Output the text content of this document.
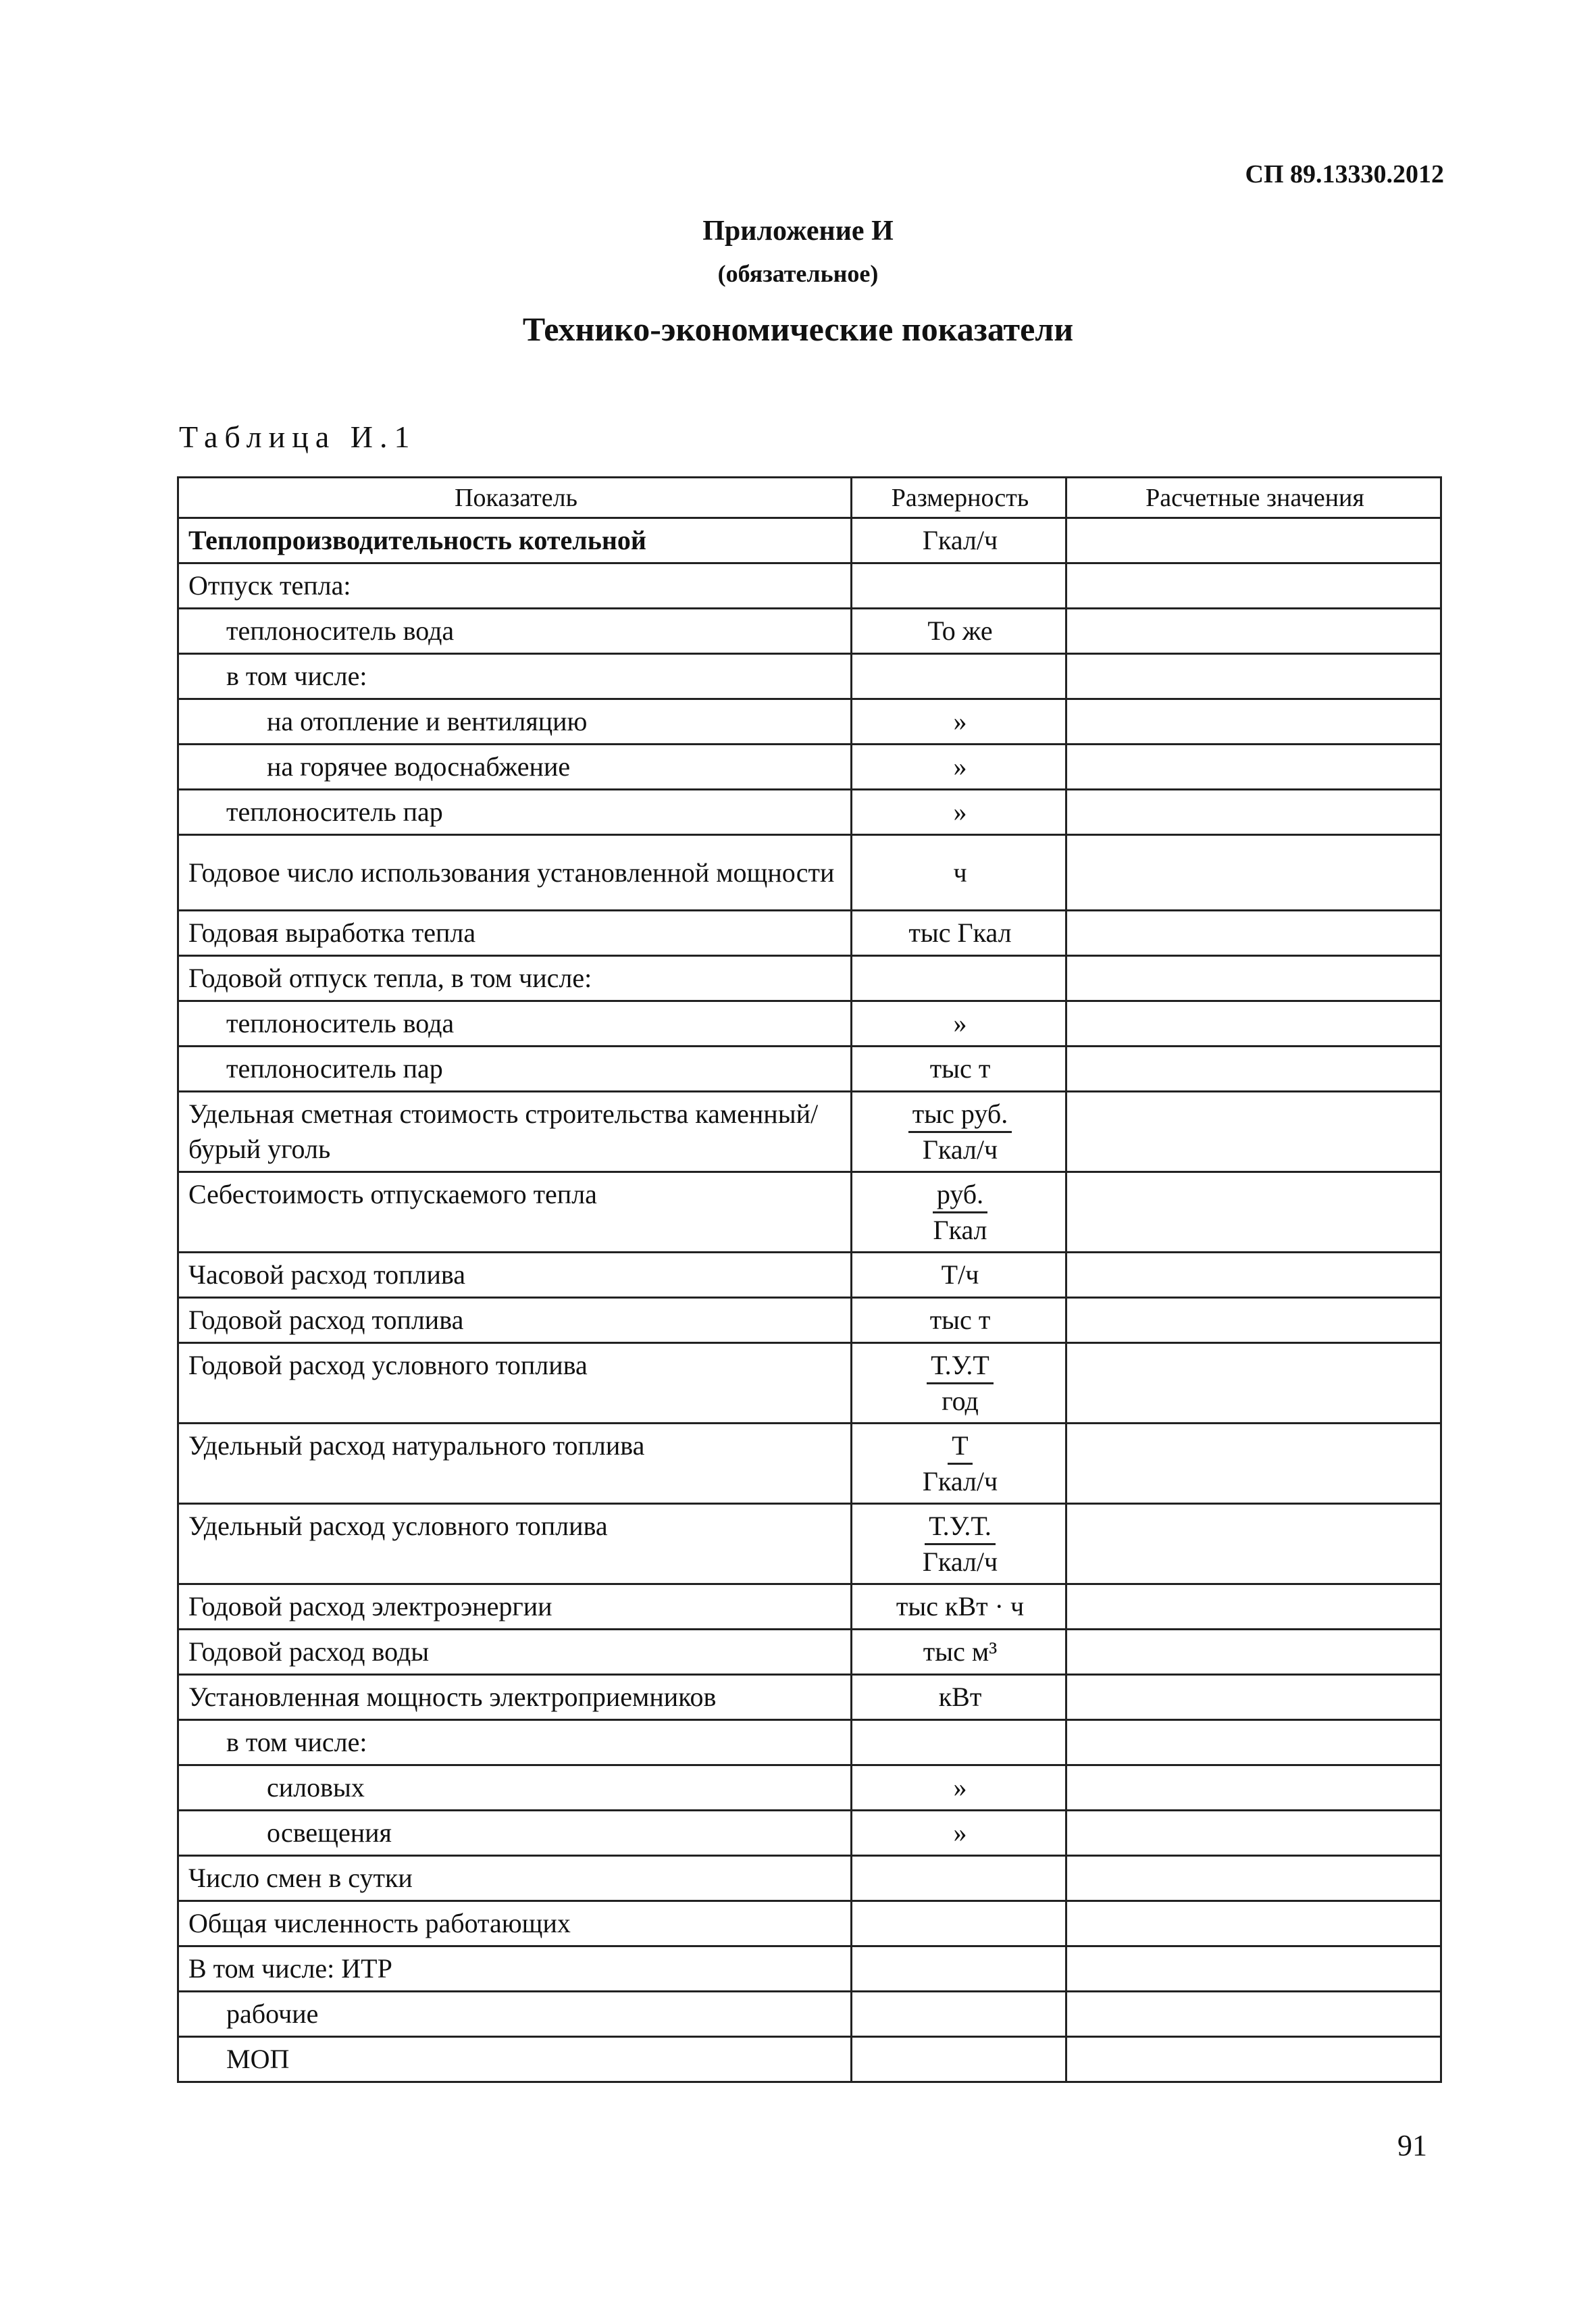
СП 89.13330.2012
Приложение И
(обязательное)
Технико-экономические показатели
Таблица И.1
Показатель	Размерность	Расчетные значения
Теплопроизводительность котельной	Гкал/ч	
Отпуск тепла:		
теплоноситель вода	То же	
в том числе:		
на отопление и вентиляцию	»	
на горячее водоснабжение	»	
теплоноситель пар	»	
Годовое число использования установленной мощности	ч	
Годовая выработка тепла	тыс Гкал	
Годовой отпуск тепла, в том числе:		
теплоноситель вода	»	
теплоноситель пар	тыс т	
Удельная сметная стоимость строительства каменный/бурый уголь	$\frac{\text{тыс руб.}}{\text{Гкал/ч}}$

Себестоимость отпускаемого тепла	$\frac{\text{руб.}}{\text{Гкал}}$

Часовой расход топлива	Т/ч	
Годовой расход топлива	тыс т	
Годовой расход условного топлива	$\frac{Т.У.Т}{\text{год}}$

Удельный расход натурального топлива	$\frac{Т}{\text{Гкал/ч}}$

Удельный расход условного топлива	$\frac{Т.У.Т.}{\text{Гкал/ч}}$

Годовой расход электроэнергии	тыс кВт · ч	
Годовой расход воды	тыс м³	
Установленная мощность электроприемников	кВт	
в том числе:		
силовых	»	
освещения	»	
Число смен в сутки		
Общая численность работающих		
В том числе: ИТР		
рабочие		
МОП		
91
